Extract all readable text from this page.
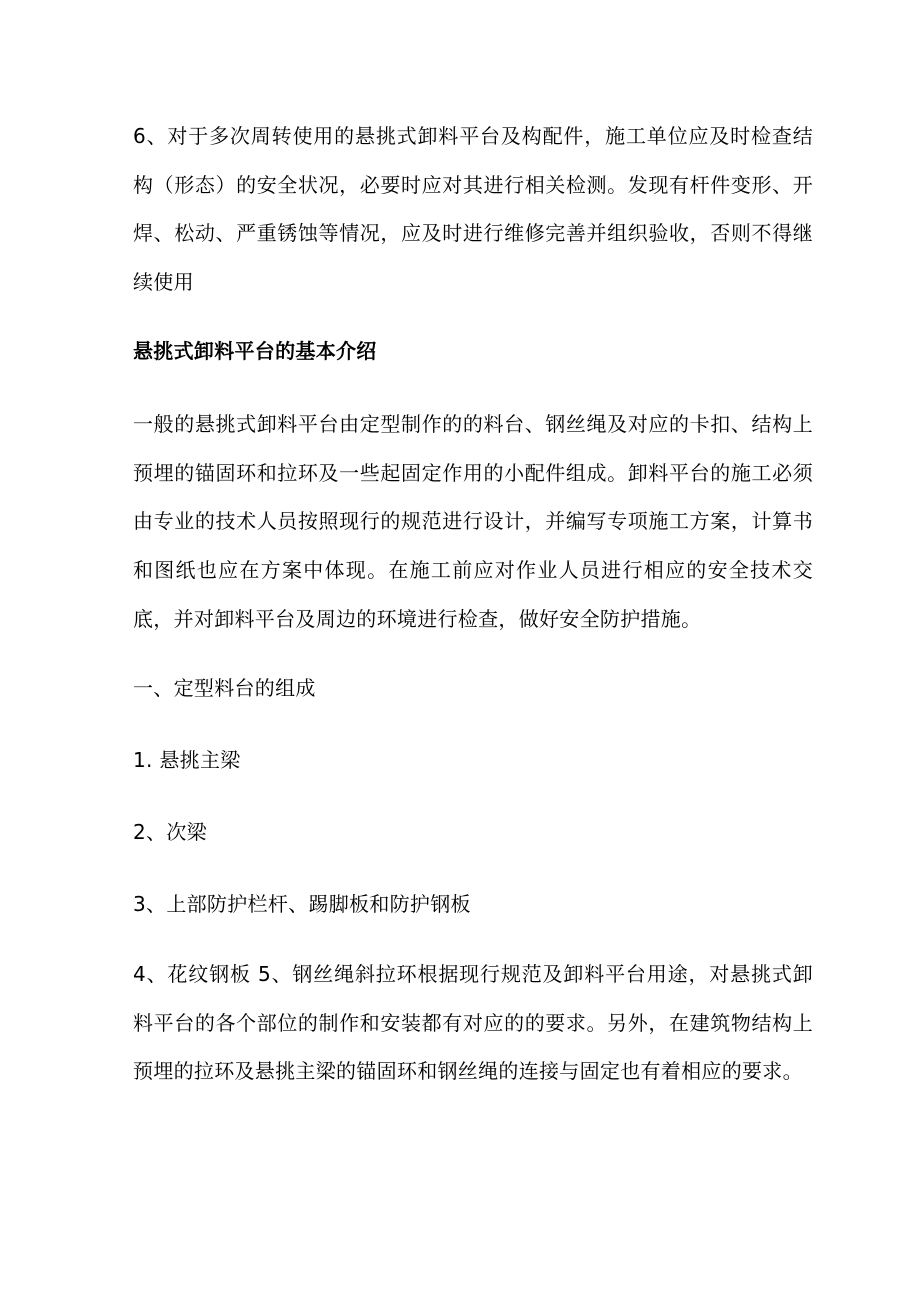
6、对于多次周转使用的悬挑式卸料平台及构配件，施工单位应及时检查结构（形态）的安全状况，必要时应对其进行相关检测。发现有杆件变形、开焊、松动、严重锈蚀等情况，应及时进行维修完善并组织验收，否则不得继续使用

悬挑式卸料平台的基本介绍

一般的悬挑式卸料平台由定型制作的的料台、钢丝绳及对应的卡扣、结构上预埋的锚固环和拉环及一些起固定作用的小配件组成。卸料平台的施工必须由专业的技术人员按照现行的规范进行设计，并编写专项施工方案，计算书和图纸也应在方案中体现。在施工前应对作业人员进行相应的安全技术交底，并对卸料平台及周边的环境进行检查，做好安全防护措施。

一、定型料台的组成

1. 悬挑主梁

2、次梁

3、上部防护栏杆、踢脚板和防护钢板

4、花纹钢板 5、钢丝绳斜拉环根据现行规范及卸料平台用途，对悬挑式卸料平台的各个部位的制作和安装都有对应的的要求。另外，在建筑物结构上预埋的拉环及悬挑主梁的锚固环和钢丝绳的连接与固定也有着相应的要求。
